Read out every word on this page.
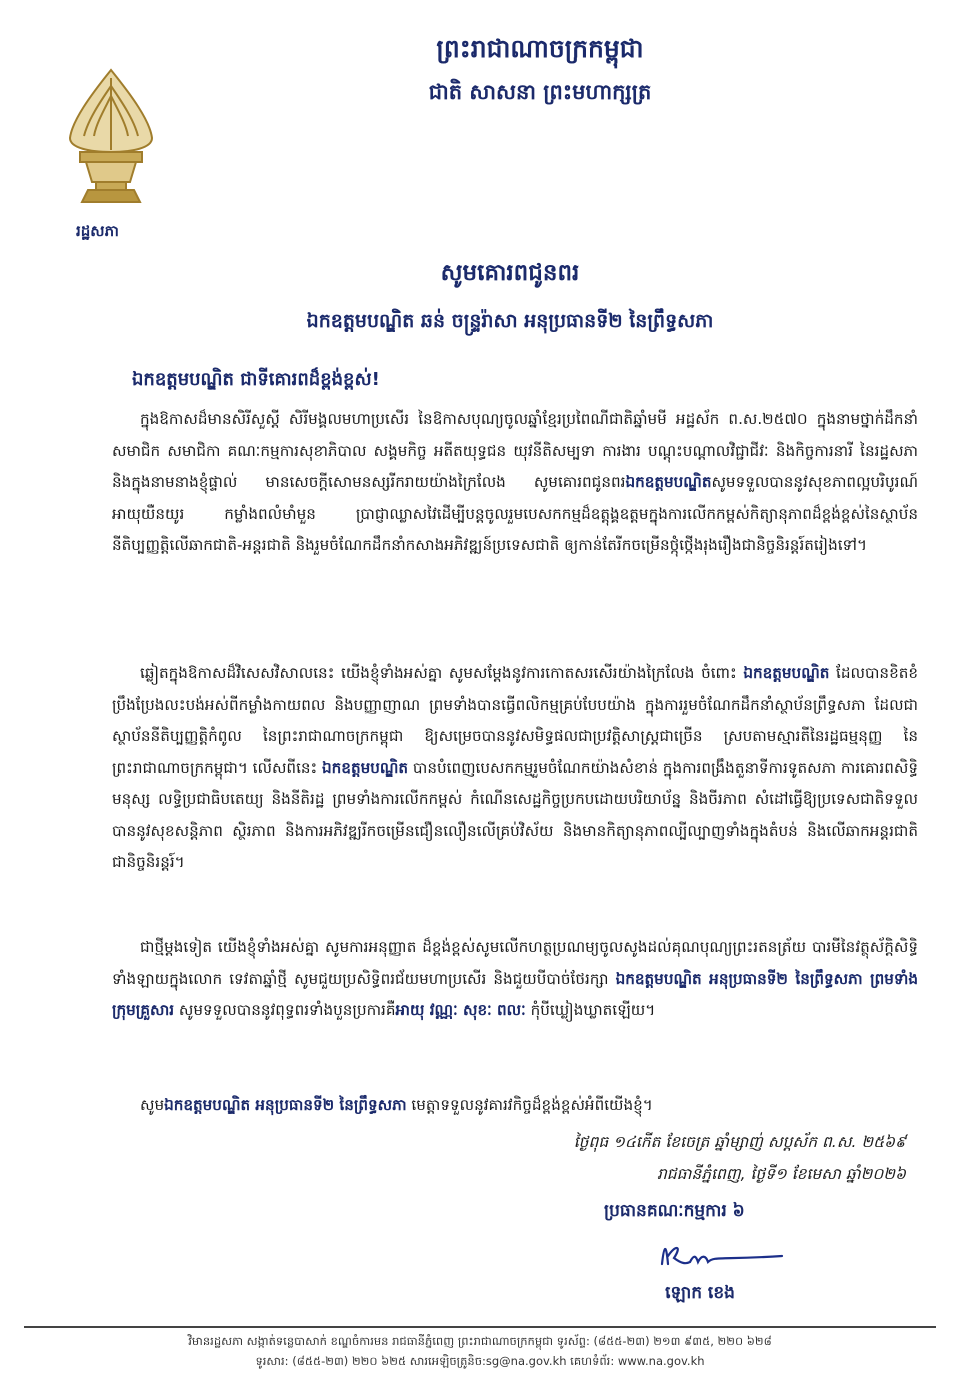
រដ្ឋសភា
ព្រះរាជាណាចក្រកម្ពុជា
ជាតិ សាសនា ព្រះមហាក្សត្រ
សូមគោរពជូនពរ
ឯកឧត្តមបណ្ឌិត ឆន់ ចន្ទ្ររ៉ាសា អនុប្រធានទី២ នៃព្រឹទ្ធសភា
ឯកឧត្តមបណ្ឌិត ជាទីគោរពដ៏ខ្ពង់ខ្ពស់!
ក្នុងឱកាសដ៏មានសិរីសួស្តី សិរីមង្គលមហាប្រសើរ នៃឱកាសបុណ្យចូលឆ្នាំខ្មែរប្រពៃណីជាតិឆ្នាំមមី អដ្ឋស័ក ព.ស.២៥៧០ ក្នុងនាមថ្នាក់ដឹកនាំ សមាជិក សមាជិកា គណៈកម្មការសុខាភិបាល សង្គមកិច្ច អតីតយុទ្ធជន យុវនីតិសម្បទា ការងារ បណ្តុះបណ្តាលវិជ្ជាជីវៈ និងកិច្ចការនារី នៃរដ្ឋសភា និងក្នុងនាមនាងខ្ញុំផ្ទាល់ មានសេចក្តីសោមនស្សរីករាយយ៉ាងក្រៃលែង សូមគោរពជូនពរឯកឧត្តមបណ្ឌិតសូមទទួលបាននូវសុខភាពល្អបរិបូរណ៍ អាយុយឺនយូរ កម្លាំងពលំមាំមួន ប្រាជ្ញាឈ្លាសវៃដើម្បីបន្តចូលរួមបេសកកម្មដ៏ឧត្តុង្គឧត្តមក្នុងការលើកកម្ពស់កិត្យានុភាពដ៏ខ្ពង់ខ្ពស់នៃស្ថាប័ននីតិប្បញ្ញត្តិលើឆាកជាតិ-អន្តរជាតិ និងរួមចំណែកដឹកនាំកសាងអភិវឌ្ឍន៍ប្រទេសជាតិ ឲ្យកាន់តែរីកចម្រើនថ្កុំថ្កើងរុងរឿងជានិច្ចនិរន្តរ៍តរៀងទៅ។
ឆ្លៀតក្នុងឱកាសដ៏វិសេសវិសាលនេះ យើងខ្ញុំទាំងអស់គ្នា សូមសម្តែងនូវការកោតសរសើរយ៉ាងក្រៃលែង ចំពោះ ឯកឧត្តមបណ្ឌិត ដែលបានខិតខំប្រឹងប្រែងលះបង់អស់ពីកម្លាំងកាយពល និងបញ្ញាញាណ ព្រមទាំងបានធ្វើពលិកម្មគ្រប់បែបយ៉ាង ក្នុងការរួមចំណែកដឹកនាំស្ថាប័នព្រឹទ្ធសភា ដែលជាស្ថាប័ននីតិប្បញ្ញត្តិកំពូល នៃព្រះរាជាណាចក្រកម្ពុជា ឱ្យសម្រេចបាននូវសមិទ្ធផលជាប្រវត្តិសាស្ត្រជាច្រើន ស្របតាមស្មារតីនៃរដ្ឋធម្មនុញ្ញ នៃព្រះរាជាណាចក្រកម្ពុជា។ លើសពីនេះ ឯកឧត្តមបណ្ឌិត បានបំពេញបេសកកម្មរួមចំណែកយ៉ាងសំខាន់ ក្នុងការពង្រឹងតួនាទីការទូតសភា ការគោរពសិទ្ធិមនុស្ស លទ្ធិប្រជាធិបតេយ្យ និងនីតិរដ្ឋ ព្រមទាំងការលើកកម្ពស់ កំណើនសេដ្ឋកិច្ចប្រកបដោយបរិយាប័ន្ន និងចីរភាព សំដៅធ្វើឱ្យប្រទេសជាតិទទួលបាននូវសុខសន្តិភាព ស្ថិរភាព និងការអភិវឌ្ឍរីកចម្រើនជឿនលឿនលើគ្រប់វិស័យ និងមានកិត្យានុភាពល្បីល្បាញទាំងក្នុងតំបន់ និងលើឆាកអន្តរជាតិ ជានិច្ចនិរន្តរ៍។
ជាថ្មីម្តងទៀត យើងខ្ញុំទាំងអស់គ្នា សូមការអនុញ្ញាត ដ៏ខ្ពង់ខ្ពស់សូមលើកហត្ថប្រណម្យចូលសូងដល់គុណបុណ្យព្រះរតនត្រ័យ បារមីនៃវត្ថុស័ក្តិសិទ្ធិទាំងឡាយក្នុងលោក ទេវតាឆ្នាំថ្មី សូមជួយប្រសិទ្ធិពរជ័យមហាប្រសើរ និងជួយបីបាច់ថែរក្សា ឯកឧត្តមបណ្ឌិត អនុប្រធានទី២ នៃព្រឹទ្ធសភា ព្រមទាំងក្រុមគ្រួសារ សូមទទួលបាននូវពុទ្ធពរទាំងបួនប្រការគឺអាយុ វណ្ណៈ សុខៈ ពលៈ កុំបីឃ្លៀងឃ្លាតឡើយ។
សូមឯកឧត្តមបណ្ឌិត អនុប្រធានទី២ នៃព្រឹទ្ធសភា មេត្តាទទួលនូវគារវកិច្ចដ៏ខ្ពង់ខ្ពស់អំពីយើងខ្ញុំ។
ថ្ងៃពុធ ១៤កើត ខែចេត្រ ឆ្នាំម្សាញ់ សប្តស័ក ព.ស. ២៥៦៩
រាជធានីភ្នំពេញ, ថ្ងៃទី១ ខែមេសា ឆ្នាំ២០២៦
ប្រធានគណៈកម្មការ ៦
ឡោក ខេង
វិមានរដ្ឋសភា សង្កាត់ទន្លេបាសាក់ ខណ្ឌចំការមន រាជធានីភ្នំពេញ ព្រះរាជាណាចក្រកម្ពុជា ទូរស័ព្ទ: (៨៥៥-២៣) ២១៣ ៩៣៥, ២២០ ៦២៨
ទូរសារ: (៨៥៥-២៣) ២២០ ៦២៥ សារអេឡិចត្រូនិច:sg@na.gov.kh គេហទំព័រ: www.na.gov.kh
